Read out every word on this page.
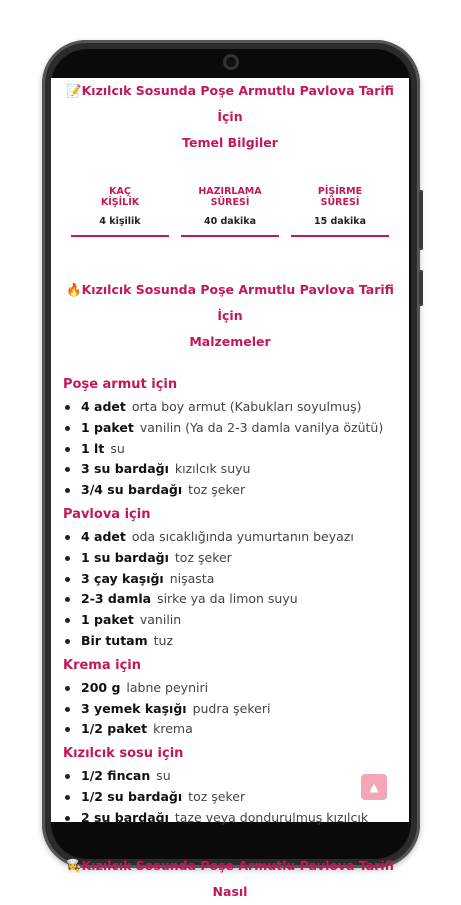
📝Kızılcık Sosunda Poşe Armutlu Pavlova Tarifi İçin
Temel Bilgiler
KAÇ
KİŞİLİK
4 kişilik
HAZIRLAMA
SÜRESİ
40 dakika
PİŞİRME
SÜRESİ
15 dakika
🔥Kızılcık Sosunda Poşe Armutlu Pavlova Tarifi İçin
Malzemeler
Poşe armut için
4 adet orta boy armut (Kabukları soyulmuş)
1 paket vanilin (Ya da 2-3 damla vanilya özütü)
1 lt su
3 su bardağı kızılcık suyu
3/4 su bardağı toz şeker
Pavlova için
4 adet oda sıcaklığında yumurtanın beyazı
1 su bardağı toz şeker
3 çay kaşığı nişasta
2-3 damla sirke ya da limon suyu
1 paket vanilin
Bir tutam tuz
Krema için
200 g labne peyniri
3 yemek kaşığı pudra şekeri
1/2 paket krema
Kızılcık sosu için
1/2 fincan su
1/2 su bardağı toz şeker
2 su bardağı taze veya dondurulmuş kızılcık
👩‍🍳Kızılcık Sosunda Poşe Armutlu Pavlova Tarifi Nasıl
▲
